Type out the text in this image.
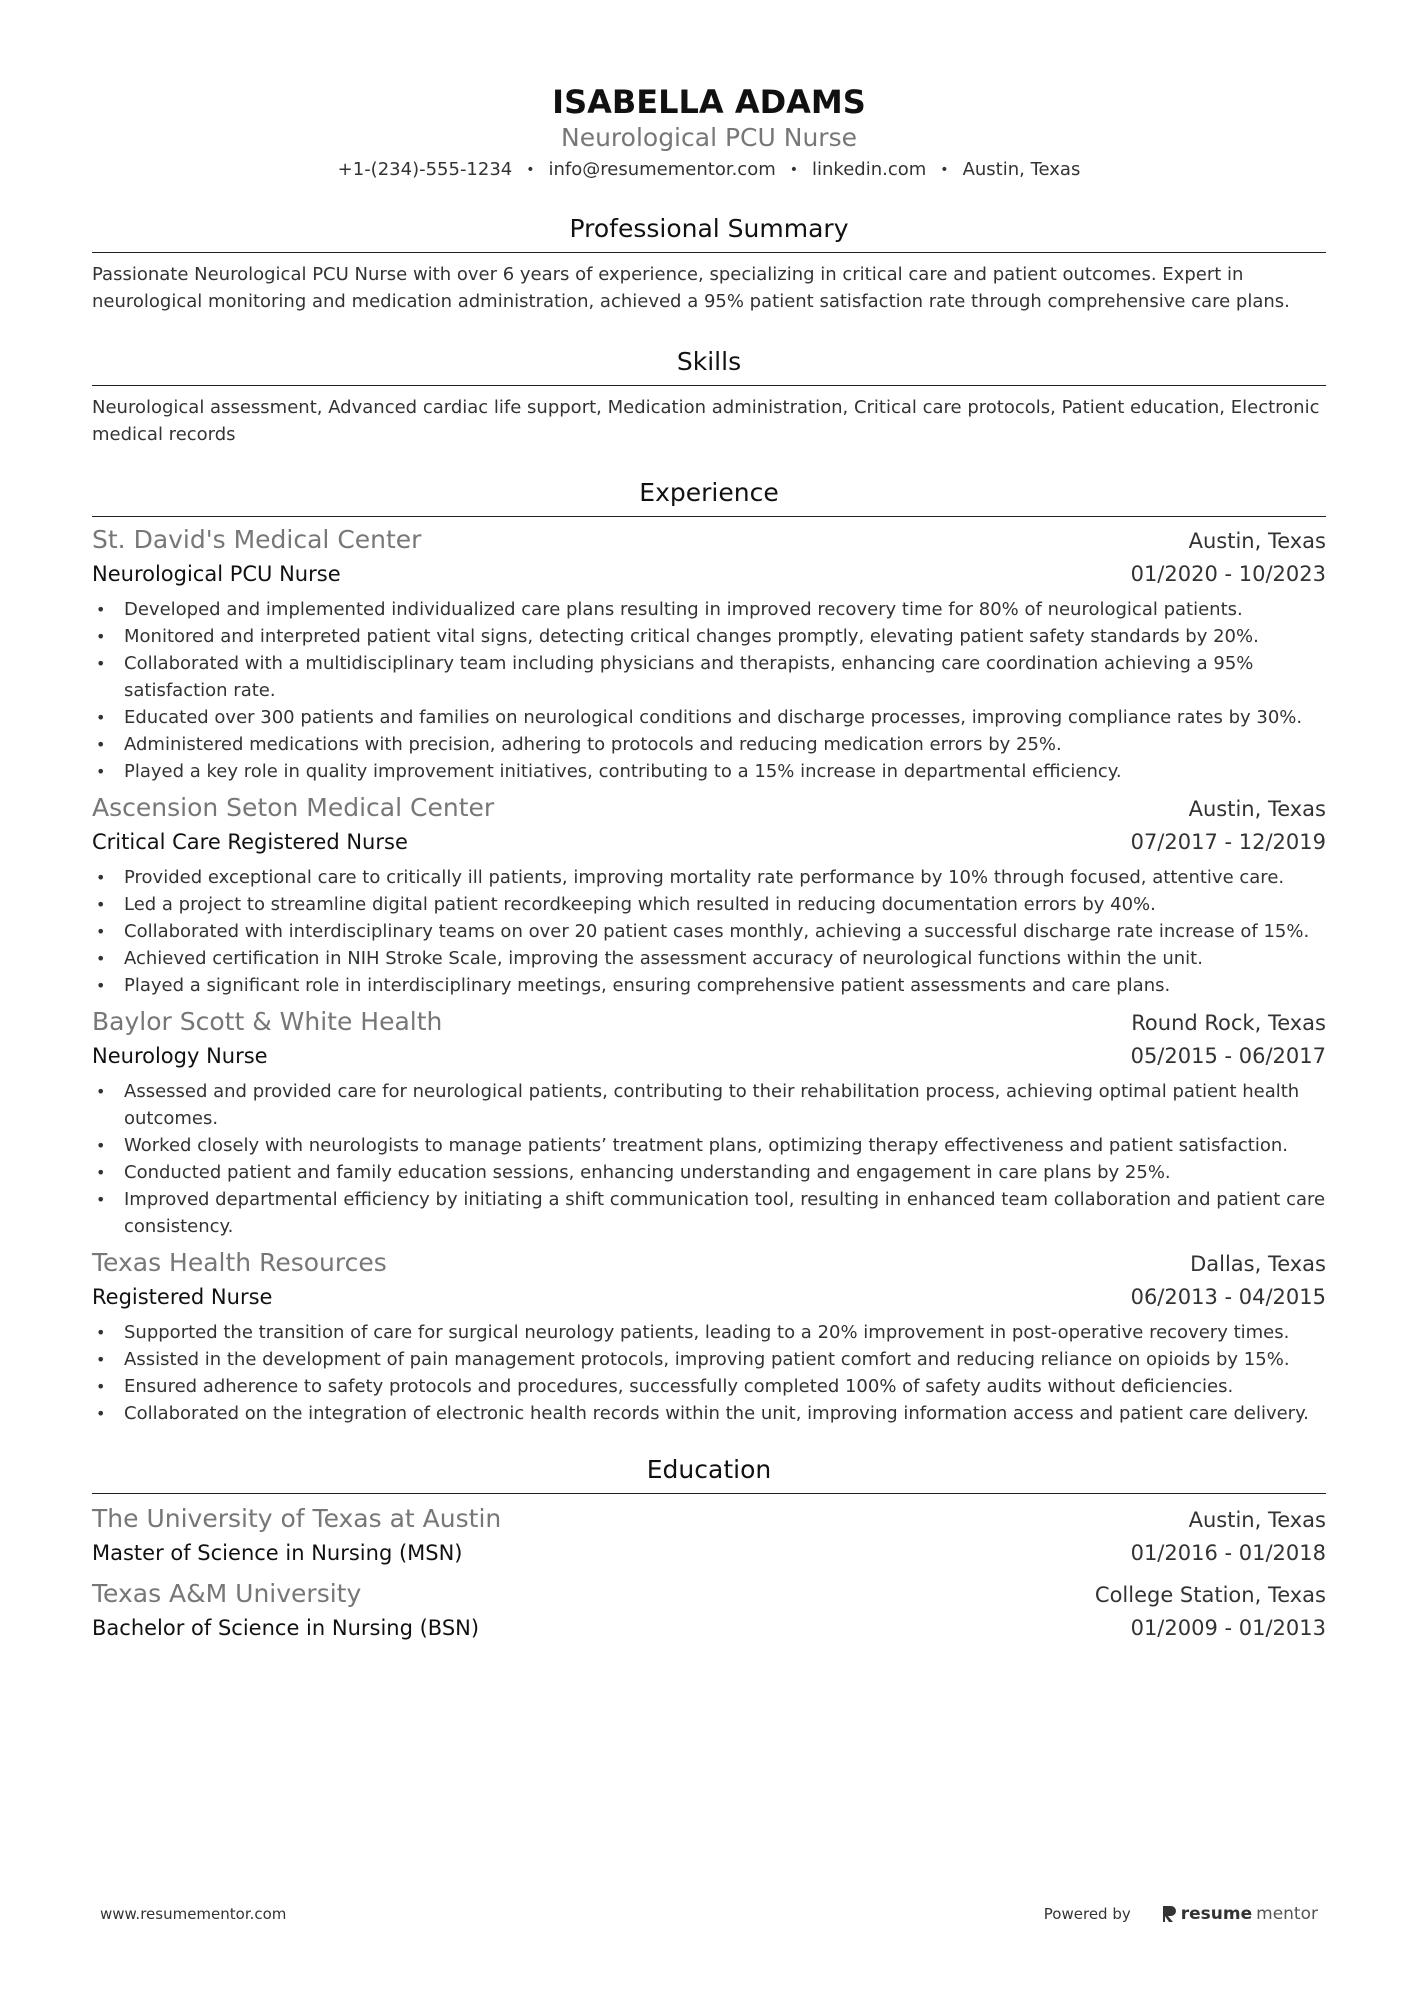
ISABELLA ADAMS
Neurological PCU Nurse
+1-(234)-555-1234 • info@resumementor.com • linkedin.com • Austin, Texas
Professional Summary
Passionate Neurological PCU Nurse with over 6 years of experience, specializing in critical care and patient outcomes. Expert in neurological monitoring and medication administration, achieved a 95% patient satisfaction rate through comprehensive care plans.
Skills
Neurological assessment, Advanced cardiac life support, Medication administration, Critical care protocols, Patient education, Electronic medical records
Experience
St. David's Medical Center	Austin, Texas
Neurological PCU Nurse	01/2020 - 10/2023
• Developed and implemented individualized care plans resulting in improved recovery time for 80% of neurological patients.
• Monitored and interpreted patient vital signs, detecting critical changes promptly, elevating patient safety standards by 20%.
• Collaborated with a multidisciplinary team including physicians and therapists, enhancing care coordination achieving a 95% satisfaction rate.
• Educated over 300 patients and families on neurological conditions and discharge processes, improving compliance rates by 30%.
• Administered medications with precision, adhering to protocols and reducing medication errors by 25%.
• Played a key role in quality improvement initiatives, contributing to a 15% increase in departmental efficiency.
Ascension Seton Medical Center	Austin, Texas
Critical Care Registered Nurse	07/2017 - 12/2019
• Provided exceptional care to critically ill patients, improving mortality rate performance by 10% through focused, attentive care.
• Led a project to streamline digital patient recordkeeping which resulted in reducing documentation errors by 40%.
• Collaborated with interdisciplinary teams on over 20 patient cases monthly, achieving a successful discharge rate increase of 15%.
• Achieved certification in NIH Stroke Scale, improving the assessment accuracy of neurological functions within the unit.
• Played a significant role in interdisciplinary meetings, ensuring comprehensive patient assessments and care plans.
Baylor Scott & White Health	Round Rock, Texas
Neurology Nurse	05/2015 - 06/2017
• Assessed and provided care for neurological patients, contributing to their rehabilitation process, achieving optimal patient health outcomes.
• Worked closely with neurologists to manage patients’ treatment plans, optimizing therapy effectiveness and patient satisfaction.
• Conducted patient and family education sessions, enhancing understanding and engagement in care plans by 25%.
• Improved departmental efficiency by initiating a shift communication tool, resulting in enhanced team collaboration and patient care consistency.
Texas Health Resources	Dallas, Texas
Registered Nurse	06/2013 - 04/2015
• Supported the transition of care for surgical neurology patients, leading to a 20% improvement in post-operative recovery times.
• Assisted in the development of pain management protocols, improving patient comfort and reducing reliance on opioids by 15%.
• Ensured adherence to safety protocols and procedures, successfully completed 100% of safety audits without deficiencies.
• Collaborated on the integration of electronic health records within the unit, improving information access and patient care delivery.
Education
The University of Texas at Austin	Austin, Texas
Master of Science in Nursing (MSN)	01/2016 - 01/2018
Texas A&M University	College Station, Texas
Bachelor of Science in Nursing (BSN)	01/2009 - 01/2013
www.resumementor.com	Powered by	resume mentor
